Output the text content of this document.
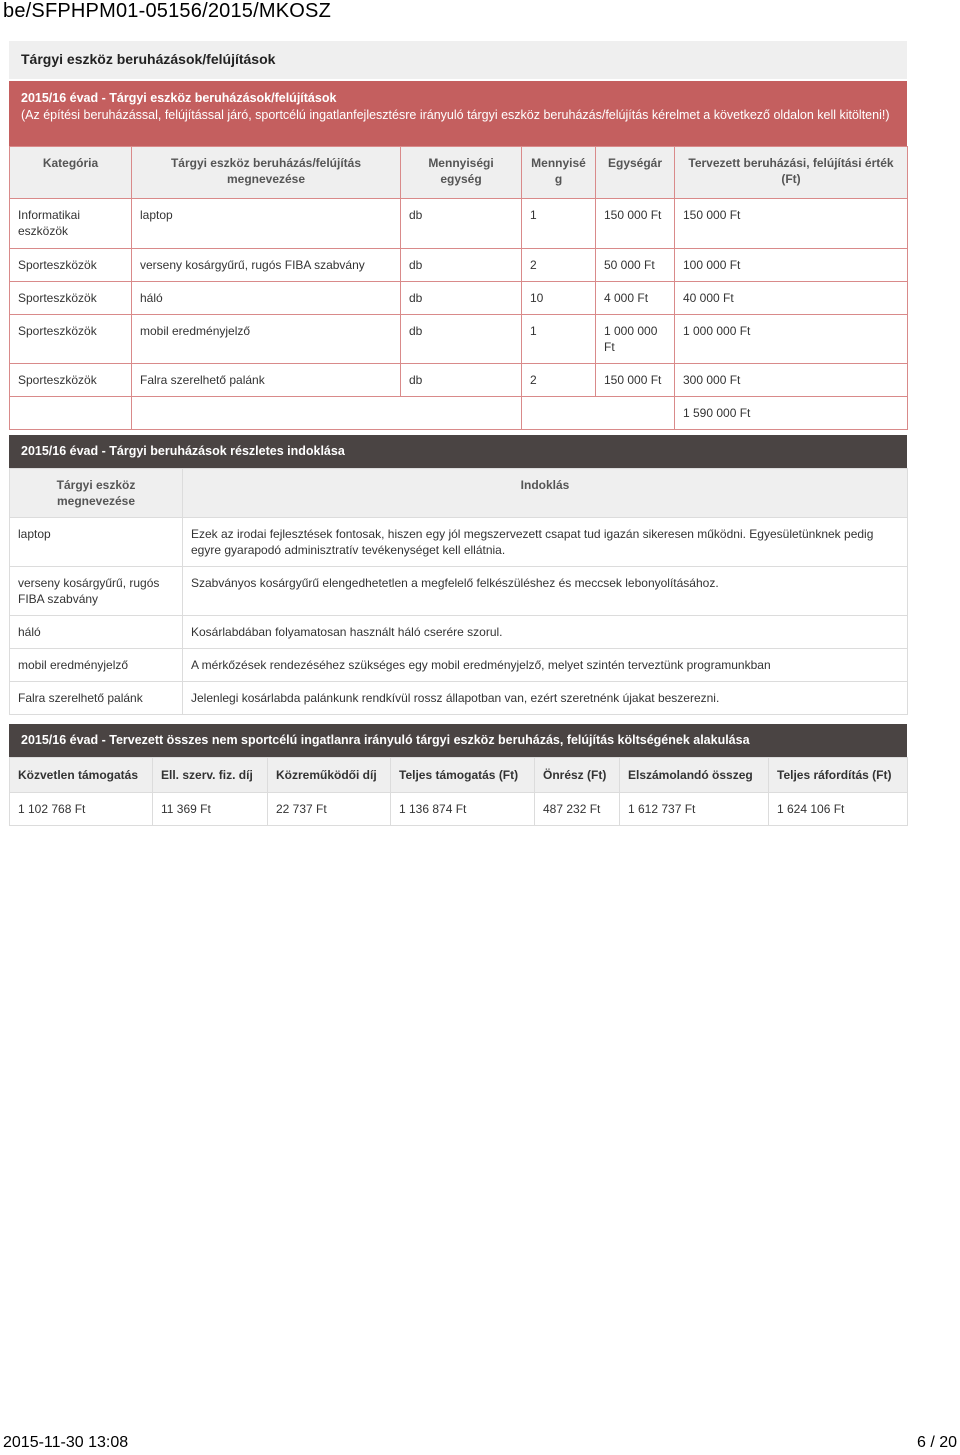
be/SFPHPM01-05156/2015/MKOSZ
Tárgyi eszköz beruházások/felújítások
2015/16 évad - Tárgyi eszköz beruházások/felújítások
(Az építési beruházással, felújítással járó, sportcélú ingatlanfejlesztésre irányuló tárgyi eszköz beruházás/felújítás kérelmet a következő oldalon kell kitölteni!)
Kategória	Tárgyi eszköz beruházás/felújítás megnevezése	Mennyiségi egység	Mennyiség	Egységár	Tervezett beruházási, felújítási érték (Ft)
Informatikai eszközök	laptop	db	1	150 000 Ft	150 000 Ft
Sporteszközök	verseny kosárgyűrű, rugós FIBA szabvány	db	2	50 000 Ft	100 000 Ft
Sporteszközök	háló	db	10	4 000 Ft	40 000 Ft
Sporteszközök	mobil eredményjelző	db	1	1 000 000 Ft	1 000 000 Ft
Sporteszközök	Falra szerelhető palánk	db	2	150 000 Ft	300 000 Ft
					1 590 000 Ft
2015/16 évad - Tárgyi beruházások részletes indoklása
Tárgyi eszköz megnevezése	Indoklás
laptop	Ezek az irodai fejlesztések fontosak, hiszen egy jól megszervezett csapat tud igazán sikeresen működni. Egyesületünknek pedig egyre gyarapodó adminisztratív tevékenységet kell ellátnia.
verseny kosárgyűrű, rugós FIBA szabvány	Szabványos kosárgyűrű elengedhetetlen a megfelelő felkészüléshez és meccsek lebonyolításához.
háló	Kosárlabdában folyamatosan használt háló cserére szorul.
mobil eredményjelző	A mérkőzések rendezéséhez szükséges egy mobil eredményjelző, melyet szintén terveztünk programunkban
Falra szerelhető palánk	Jelenlegi kosárlabda palánkunk rendkívül rossz állapotban van, ezért szeretnénk újakat beszerezni.
2015/16 évad - Tervezett összes nem sportcélú ingatlanra irányuló tárgyi eszköz beruházás, felújítás költségének alakulása
Közvetlen támogatás	Ell. szerv. fiz. díj	Közreműködői díj	Teljes támogatás (Ft)	Önrész (Ft)	Elszámolandó összeg	Teljes ráfordítás (Ft)
1 102 768 Ft	11 369 Ft	22 737 Ft	1 136 874 Ft	487 232 Ft	1 612 737 Ft	1 624 106 Ft
2015-11-30 13:08	6 / 20
